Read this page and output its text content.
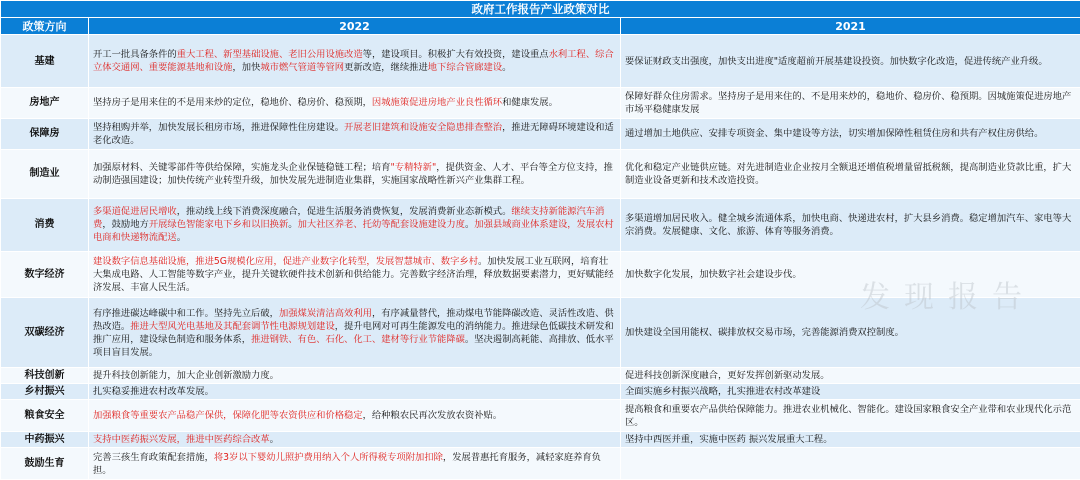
政府工作报告产业政策对比		
政策方向	2022	2021
基建	开工一批具备条件的重大工程、新型基础设施、老旧公用设施改造等，建设项目。积极扩大有效投资，建设重点水利工程、综合立体交通网、重要能源基地和设施，加快城市燃气管道等管网更新改造，继续推进地下综合管廊建设。	要保证财政支出强度，加快支出进度"适度超前开展基建设投资。加快数字化改造，促进传统产业升级。
房地产	坚持房子是用来住的不是用来炒的定位，稳地价、稳房价、稳预期，因城施策促进房地产业良性循环和健康发展。	保障好群众住房需求。坚持房子是用来住的、不是用来炒的，稳地价、稳房价、稳预期。因城施策促进房地产市场平稳健康发展
保障房	坚持租购并举，加快发展长租房市场，推进保障性住房建设。开展老旧建筑和设施安全隐患排查整治，推进无障碍环境建设和适老化改造。	通过增加土地供应、安排专项资金、集中建设等方法，切实增加保障性租赁住房和共有产权住房供给。
制造业	加强原材料、关键零部件等供给保障，实施龙头企业保链稳链工程；培育"专精特新"，提供资金、人才、平台等全方位支持，推动制造强国建设；加快传统产业转型升级，加快发展先进制造业集群，实施国家战略性新兴产业集群工程。	优化和稳定产业链供应链。对先进制造业企业按月全额退还增值税增量留抵税额，提高制造业贷款比重，扩大制造业设备更新和技术改造投资。
消费	多渠道促进居民增收，推动线上线下消费深度融合，促进生活服务消费恢复，发展消费新业态新模式。继续支持新能源汽车消费，鼓励地方开展绿色智能家电下乡和以旧换新。加大社区养老、托幼等配套设施建设力度。加强县域商业体系建设，发展农村电商和快递物流配送。	多渠道增加居民收入。健全城乡流通体系，加快电商、快递进农村，扩大县乡消费。稳定增加汽车、家电等大宗消费。发展健康、文化、旅游、体育等服务消费。
数字经济	建设数字信息基础设施，推进5G规模化应用，促进产业数字化转型，发展智慧城市、数字乡村。加快发展工业互联网，培育壮大集成电路、人工智能等数字产业，提升关键软硬件技术创新和供给能力。完善数字经济治理，释放数据要素潜力，更好赋能经济发展、丰富人民生活。	加快数字化发展，加快数字社会建设步伐。
双碳经济	有序推进碳达峰碳中和工作。坚持先立后破，加强煤炭清洁高效利用，有序减量替代，推动煤电节能降碳改造、灵活性改造、供热改造。推进大型风光电基地及其配套调节性电源规划建设，提升电网对可再生能源发电的消纳能力。推进绿色低碳技术研发和推广应用，建设绿色制造和服务体系，推进钢铁、有色、石化、化工、建材等行业节能降碳。坚决遏制高耗能、高排放、低水平项目盲目发展。	加快建设全国用能权、碳排放权交易市场，完善能源消费双控制度。
科技创新	提升科技创新能力，加大企业创新激励力度。	促进科技创新深度融合，更好发挥创新驱动发展。
乡村振兴	扎实稳妥推进农村改革发展。	全面实施乡村振兴战略，扎实推进农村改革建设
粮食安全	加强粮食等重要农产品稳产保供，保障化肥等农资供应和价格稳定，给种粮农民再次发放农资补贴。	提高粮食和重要农产品供给保障能力。推进农业机械化、智能化。建设国家粮食安全产业带和农业现代化示范区。
中药振兴	支持中医药振兴发展，推进中医药综合改革。	坚持中西医并重，实施中医药 振兴发展重大工程。
鼓励生育	完善三孩生育政策配套措施，将3岁以下婴幼儿照护费用纳入个人所得税专项附加扣除，发展普惠托育服务，减轻家庭养育负担。	
发现报告
